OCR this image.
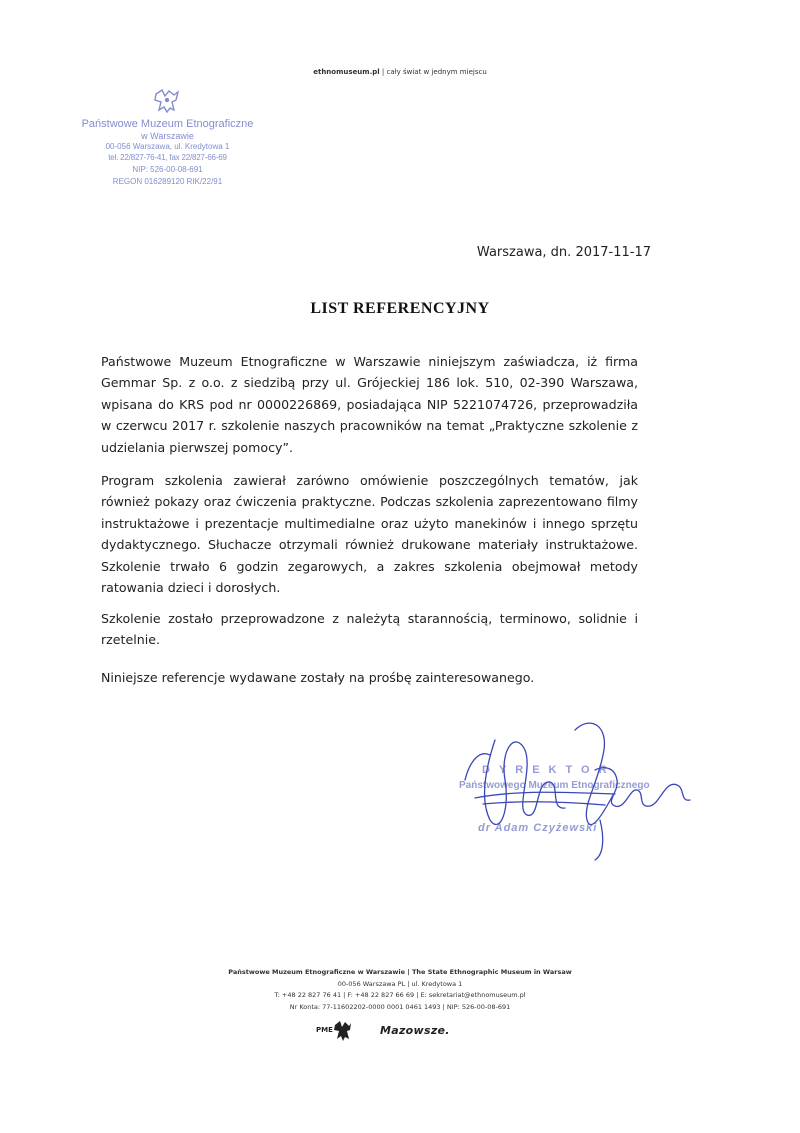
ethnomuseum.pl | cały świat w jednym miejscu
Państwowe Muzeum Etnograficzne
w Warszawie
00-056 Warszawa, ul. Kredytowa 1
tel. 22/827-76-41, fax 22/827-66-69
NIP: 526-00-08-691
REGON 016289120 RIK/22/91
Warszawa, dn. 2017-11-17
LIST REFERENCYJNY
Państwowe Muzeum Etnograficzne w Warszawie niniejszym zaświadcza, iż firma Gemmar Sp. z o.o. z siedzibą przy ul. Grójeckiej 186 lok. 510, 02-390 Warszawa, wpisana do KRS pod nr 0000226869, posiadająca NIP 5221074726, przeprowadziła w czerwcu 2017 r. szkolenie naszych pracowników na temat „Praktyczne szkolenie z udzielania pierwszej pomocy”.
Program szkolenia zawierał zarówno omówienie poszczególnych tematów, jak również pokazy oraz ćwiczenia praktyczne. Podczas szkolenia zaprezentowano filmy instruktażowe i prezentacje multimedialne oraz użyto manekinów i innego sprzętu dydaktycznego. Słuchacze otrzymali również drukowane materiały instruktażowe. Szkolenie trwało 6 godzin zegarowych, a zakres szkolenia obejmował metody ratowania dzieci i dorosłych.
Szkolenie zostało przeprowadzone z należytą starannością, terminowo, solidnie i rzetelnie.
Niniejsze referencje wydawane zostały na prośbę zainteresowanego.
DYREKTOR
Państwowego Muzeum Etnograficznego
dr Adam Czyżewski
Państwowe Muzeum Etnograficzne w Warszawie | The State Ethnographic Museum in Warsaw
00-056 Warszawa PL | ul. Kredytowa 1
T: +48 22 827 76 41 | F: +48 22 827 66 69 | E: sekretariat@ethnomuseum.pl
Nr Konta: 77-11602202-0000 0001 0461 1493 | NIP: 526-00-08-691
PME	Mazowsze.
